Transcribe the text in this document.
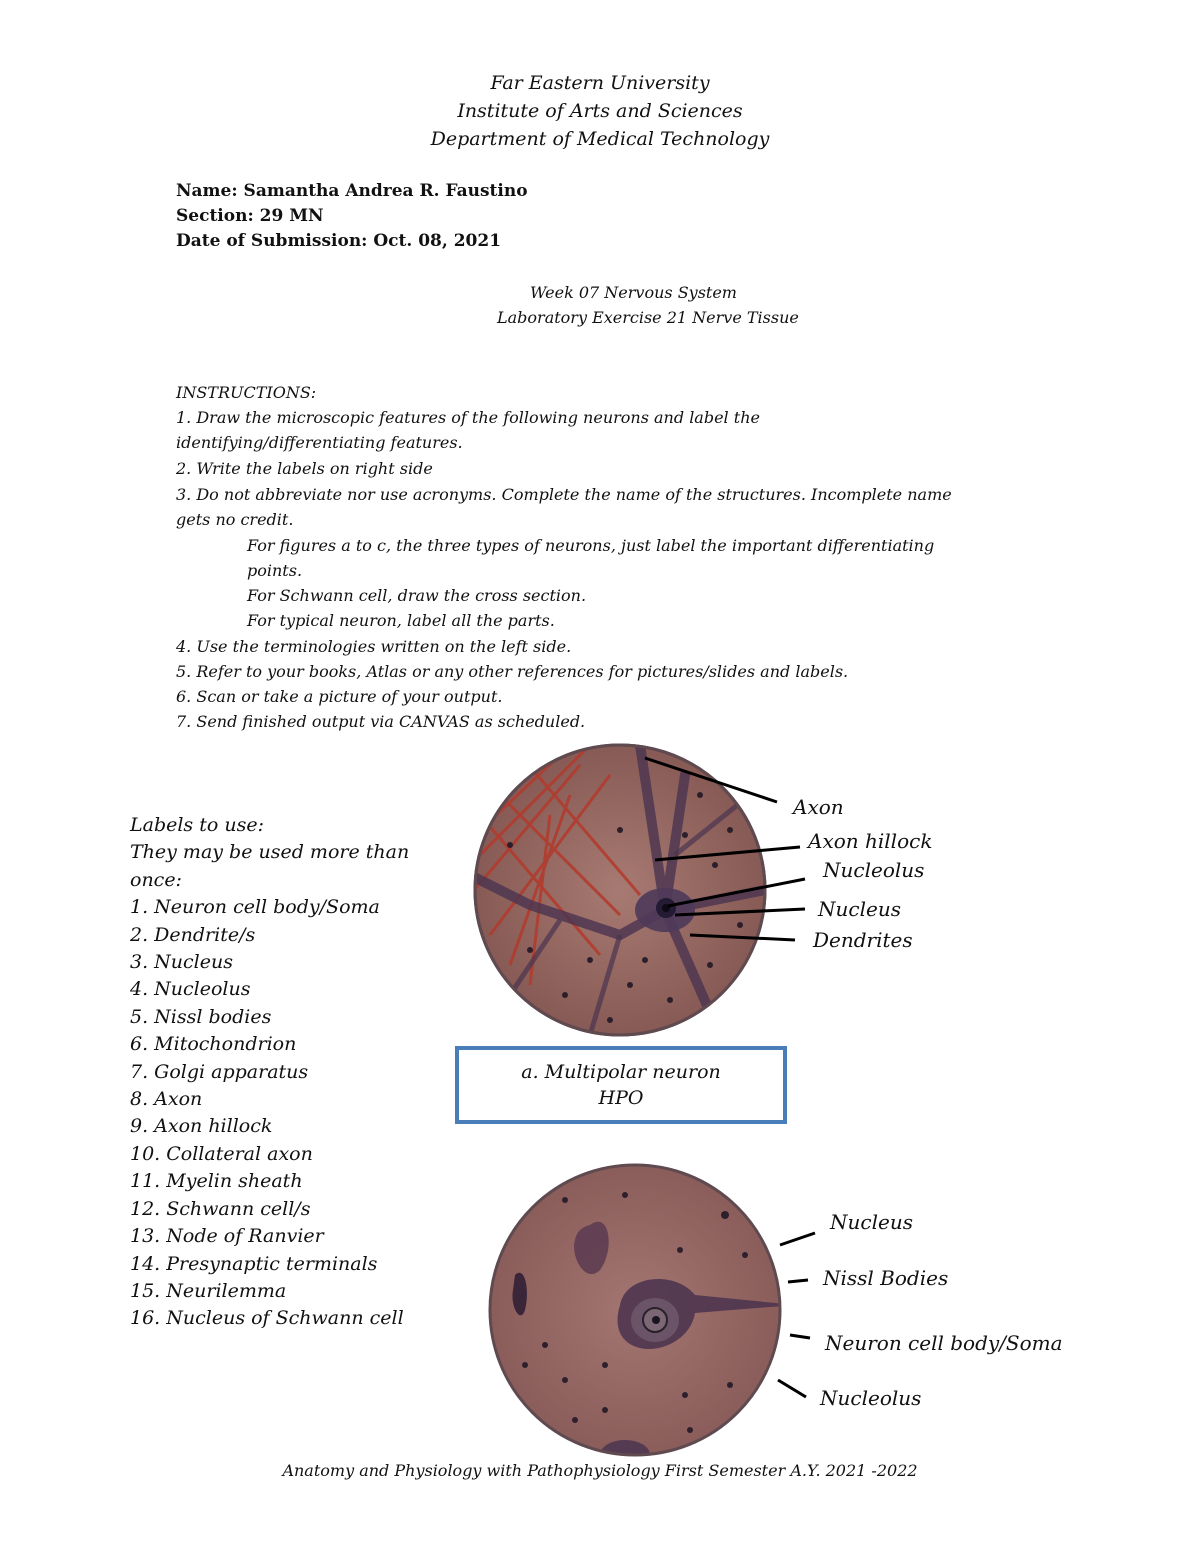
Far Eastern University
Institute of Arts and Sciences
Department of Medical Technology
Name: Samantha Andrea R. Faustino
Section: 29 MN
Date of Submission: Oct. 08, 2021
Week 07 Nervous System
Laboratory Exercise 21 Nerve Tissue
INSTRUCTIONS:
1. Draw the microscopic features of the following neurons and label the
identifying/differentiating features.
2. Write the labels on right side
3. Do not abbreviate nor use acronyms. Complete the name of the structures. Incomplete name
gets no credit.
For figures a to c, the three types of neurons, just label the important differentiating
points.
For Schwann cell, draw the cross section.
For typical neuron, label all the parts.
4. Use the terminologies written on the left side.
5. Refer to your books, Atlas or any other references for pictures/slides and labels.
6. Scan or take a picture of your output.
7. Send finished output via CANVAS as scheduled.
Labels to use:
They may be used more than
once:
1. Neuron cell body/Soma
2. Dendrite/s
3. Nucleus
4. Nucleolus
5. Nissl bodies
6. Mitochondrion
7. Golgi apparatus
8. Axon
9. Axon hillock
10. Collateral axon
11. Myelin sheath
12. Schwann cell/s
13. Node of Ranvier
14. Presynaptic terminals
15. Neurilemma
16. Nucleus of Schwann cell
Axon
Axon hillock
Nucleolus
Nucleus
Dendrites
a. Multipolar neuron
HPO
Nucleus
Nissl Bodies
Neuron cell body/Soma
Nucleolus
Anatomy and Physiology with Pathophysiology First Semester A.Y. 2021 -2022
